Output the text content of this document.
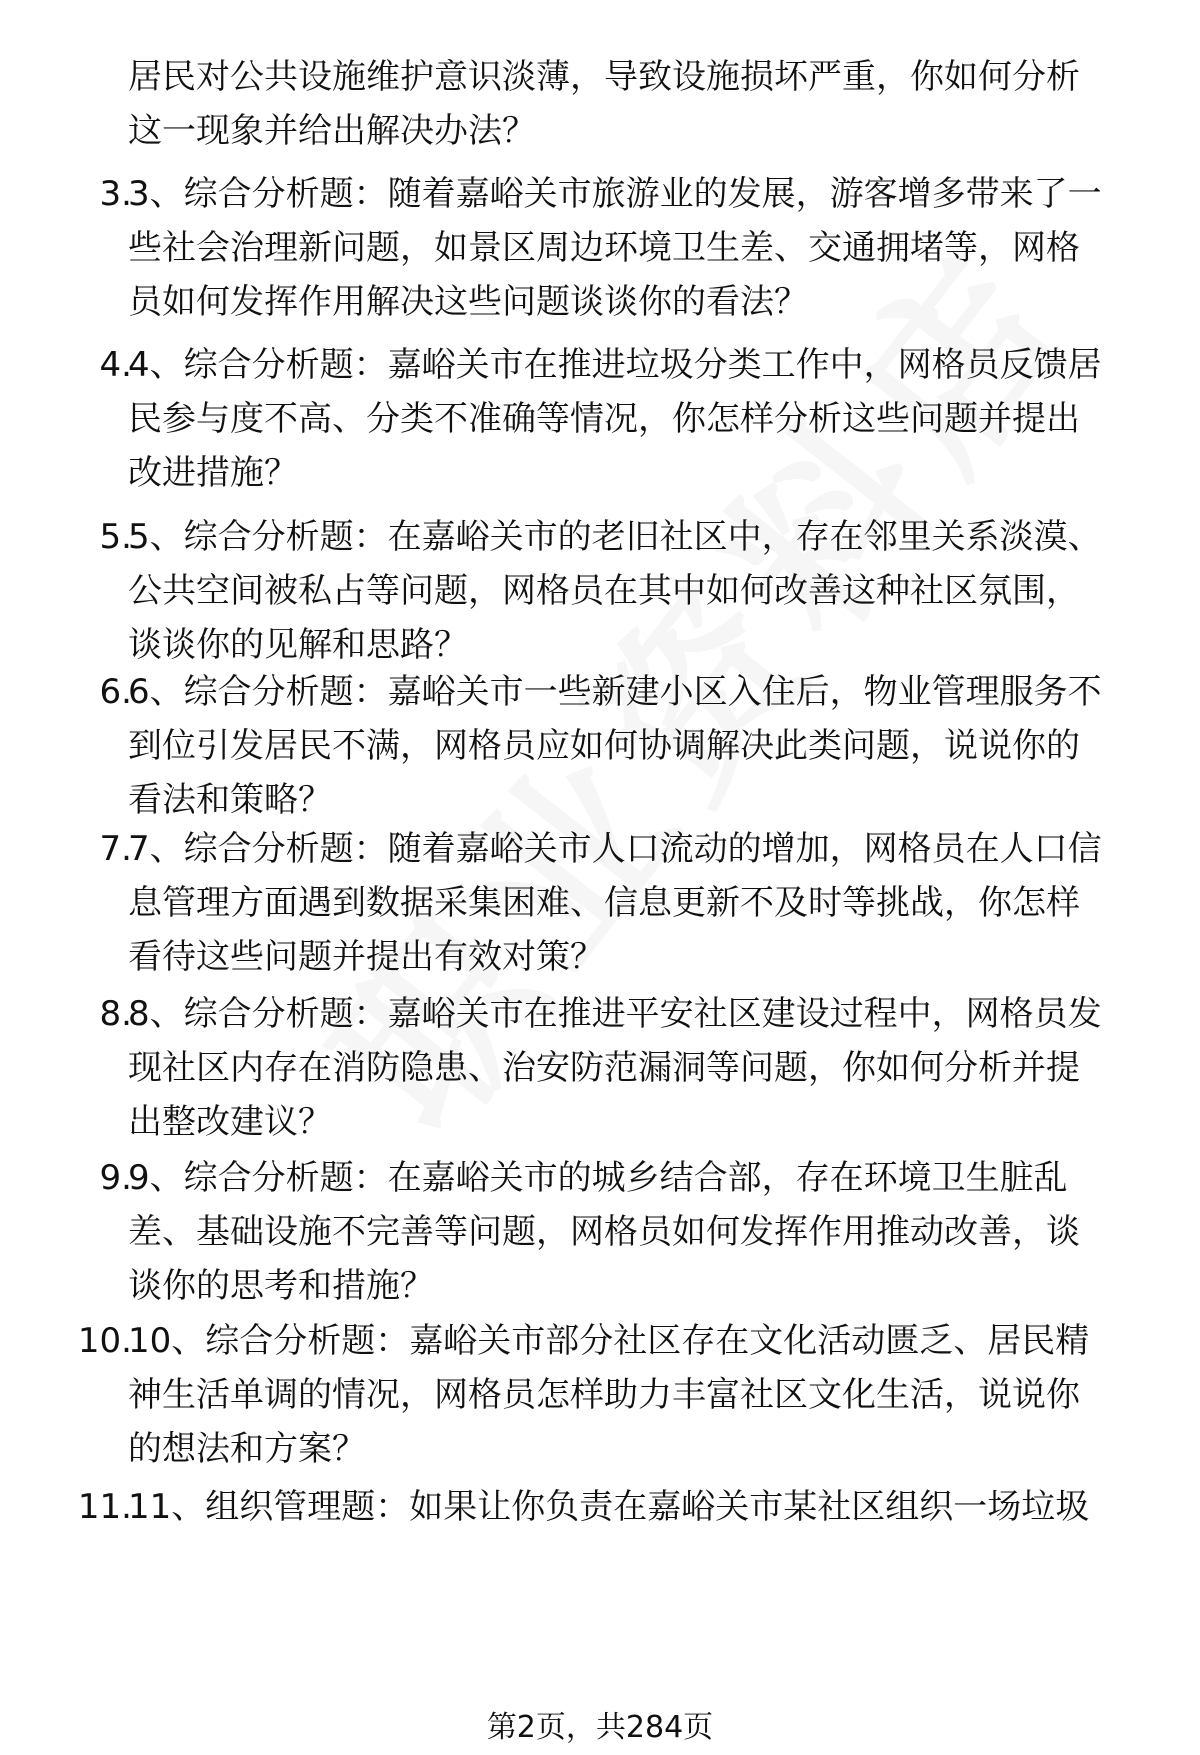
居民对公共设施维护意识淡薄，导致设施损坏严重，你如何分析
这一现象并给出解决办法？
3.
3、综合分析题：随着嘉峪关市旅游业的发展，游客增多带来了一
些社会治理新问题，如景区周边环境卫生差、交通拥堵等，网格
员如何发挥作用解决这些问题谈谈你的看法？
4.
4、综合分析题：嘉峪关市在推进垃圾分类工作中，网格员反馈居
民参与度不高、分类不准确等情况，你怎样分析这些问题并提出
改进措施？
5.
5、综合分析题：在嘉峪关市的老旧社区中，存在邻里关系淡漠、
公共空间被私占等问题，网格员在其中如何改善这种社区氛围，
谈谈你的见解和思路？
6.
6、综合分析题：嘉峪关市一些新建小区入住后，物业管理服务不
到位引发居民不满，网格员应如何协调解决此类问题，说说你的
看法和策略？
7.
7、综合分析题：随着嘉峪关市人口流动的增加，网格员在人口信
息管理方面遇到数据采集困难、信息更新不及时等挑战，你怎样
看待这些问题并提出有效对策？
8.
8、综合分析题：嘉峪关市在推进平安社区建设过程中，网格员发
现社区内存在消防隐患、治安防范漏洞等问题，你如何分析并提
出整改建议？
9.
9、综合分析题：在嘉峪关市的城乡结合部，存在环境卫生脏乱
差、基础设施不完善等问题，网格员如何发挥作用推动改善，谈
谈你的思考和措施？
10.
10、综合分析题：嘉峪关市部分社区存在文化活动匮乏、居民精
神生活单调的情况，网格员怎样助力丰富社区文化生活，说说你
的想法和方案？
11.
11、组织管理题：如果让你负责在嘉峪关市某社区组织一场垃圾
第2页，共284页
